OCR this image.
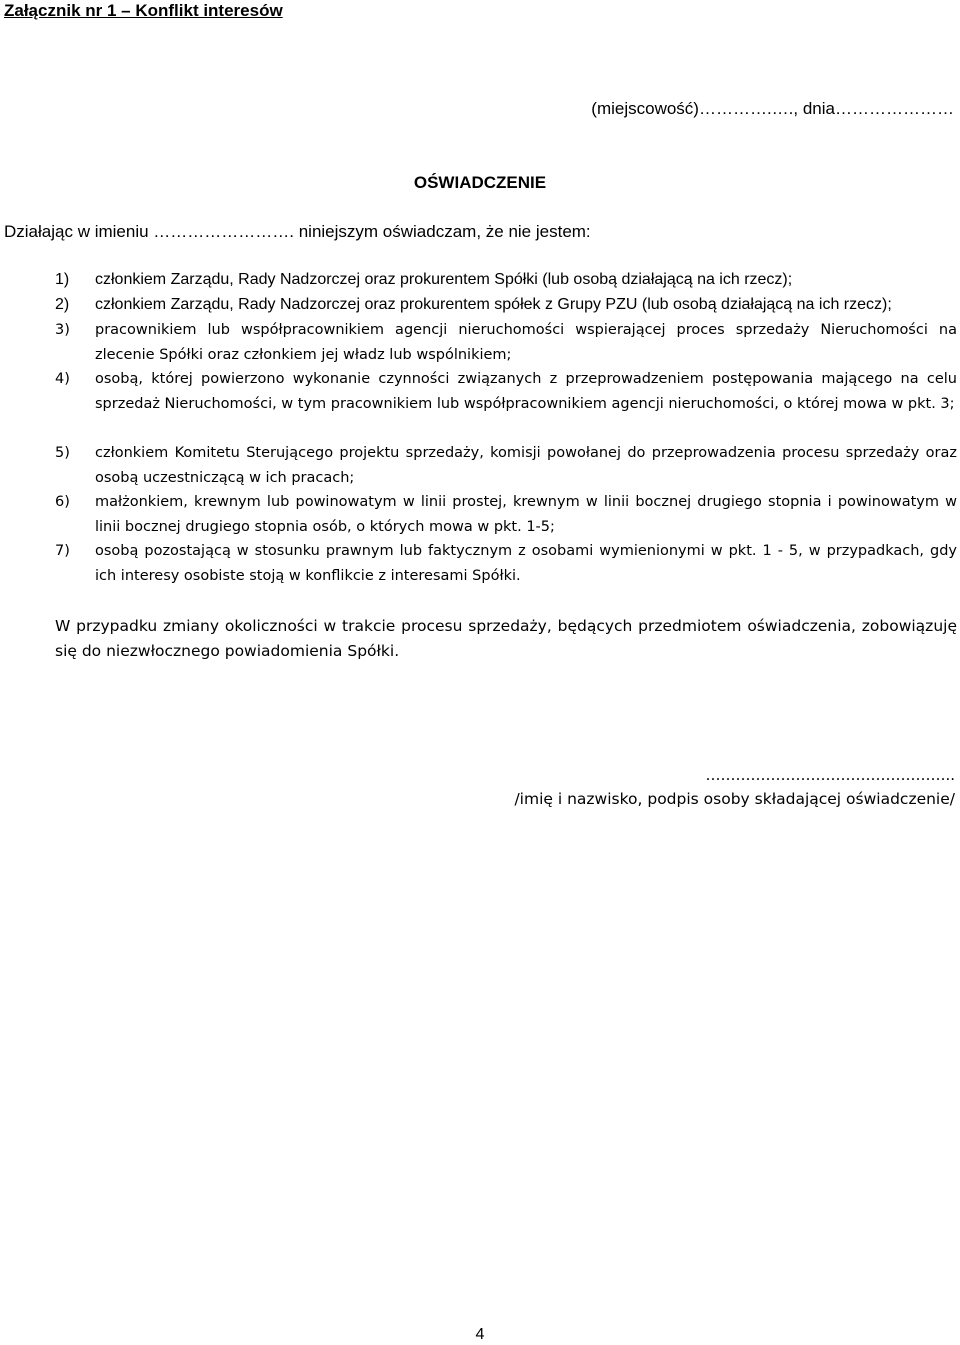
Załącznik nr 1 – Konflikt interesów
(miejscowość)………….…., dnia…………………
OŚWIADCZENIE
Działając w imieniu ……………………. niniejszym oświadczam, że nie jestem:
1)	członkiem Zarządu, Rady Nadzorczej oraz prokurentem Spółki (lub osobą działającą na ich rzecz);
2)	członkiem Zarządu, Rady Nadzorczej oraz prokurentem spółek z Grupy PZU (lub osobą działającą na ich rzecz);
3)	pracownikiem lub współpracownikiem agencji nieruchomości wspierającej proces sprzedaży Nieruchomości na zlecenie Spółki oraz członkiem jej władz lub wspólnikiem;
4)	osobą, której powierzono wykonanie czynności związanych z przeprowadzeniem postępowania mającego na celu sprzedaż Nieruchomości, w tym pracownikiem lub współpracownikiem agencji nieruchomości, o której mowa w pkt. 3;
5)	członkiem Komitetu Sterującego projektu sprzedaży, komisji powołanej do przeprowadzenia procesu sprzedaży oraz osobą uczestniczącą w ich pracach;
6)	małżonkiem, krewnym lub powinowatym w linii prostej, krewnym w linii bocznej drugiego stopnia i powinowatym w linii bocznej drugiego stopnia osób, o których mowa w pkt. 1-5;
7)	osobą pozostającą w stosunku prawnym lub faktycznym z osobami wymienionymi w pkt. 1 - 5, w przypadkach, gdy ich interesy osobiste stoją w konflikcie z interesami Spółki.
W przypadku zmiany okoliczności w trakcie procesu sprzedaży, będących przedmiotem oświadczenia, zobowiązuję się do niezwłocznego powiadomienia Spółki.
…………………………………………..
/imię i nazwisko, podpis osoby składającej oświadczenie/
4
